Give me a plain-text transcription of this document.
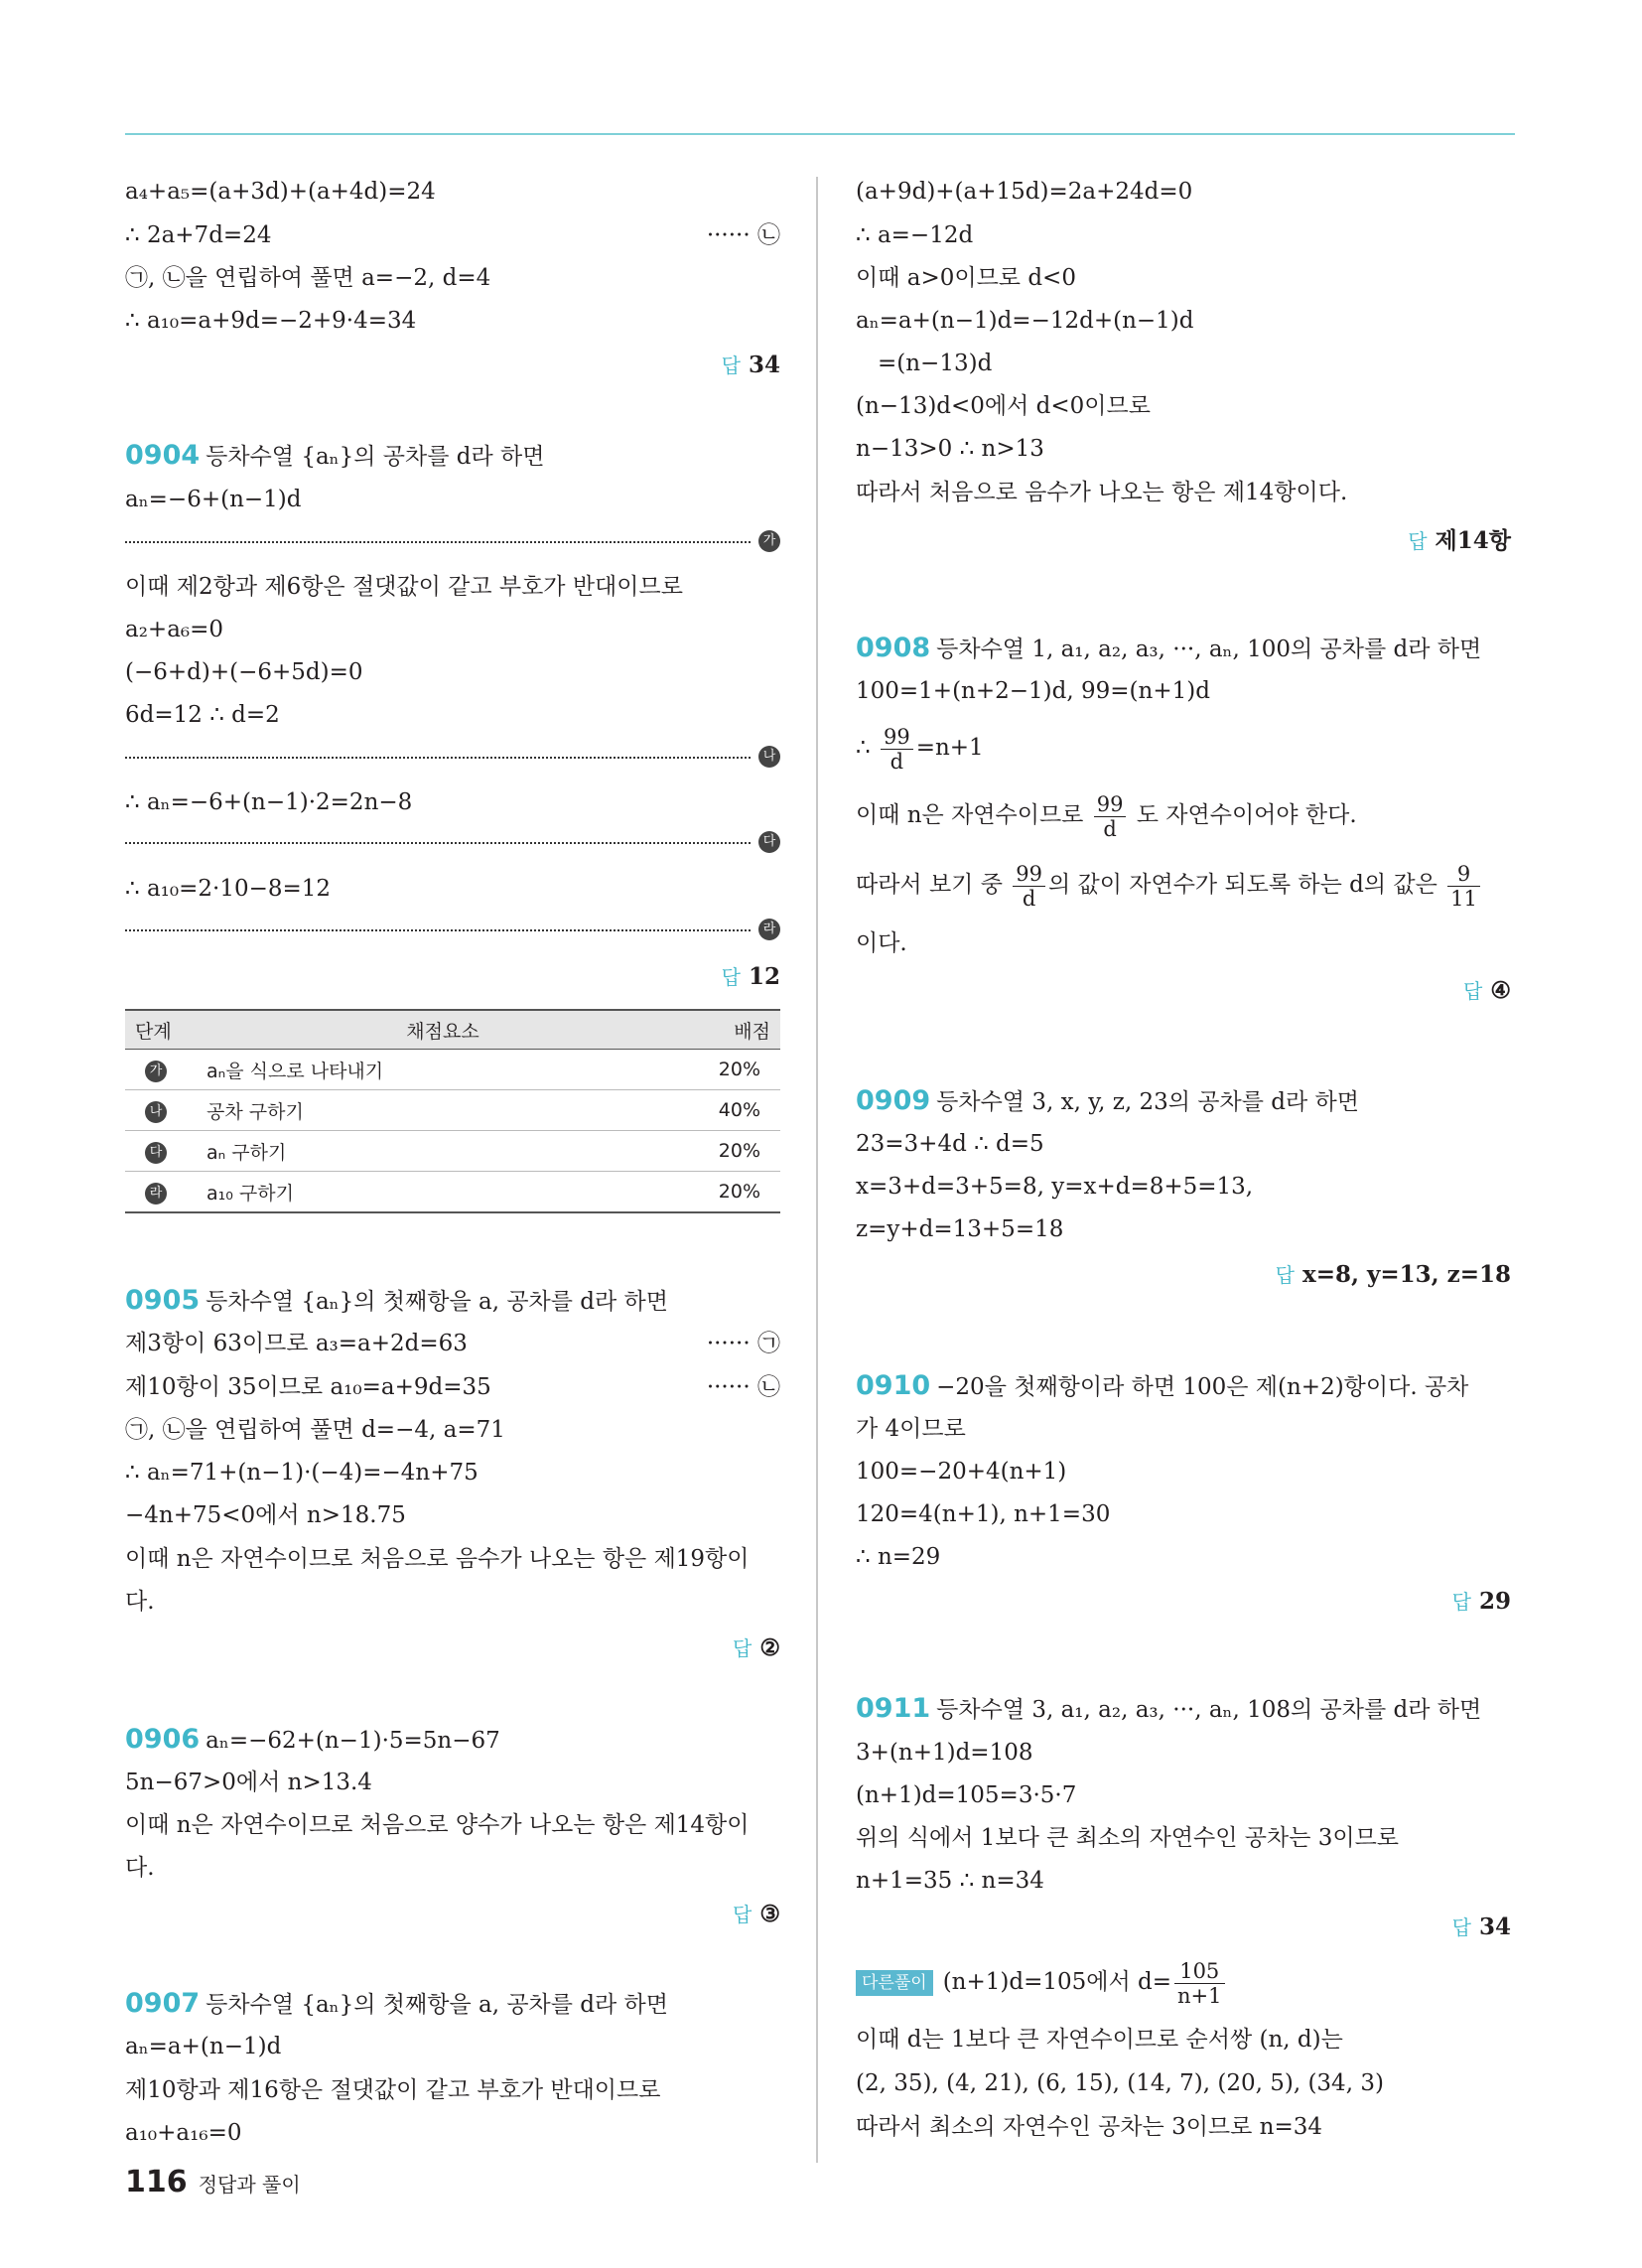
a₄+a₅=(a+3d)+(a+4d)=24
∴ 2a+7d=24	······ ㉡
㉠, ㉡을 연립하여 풀면 a=−2, d=4
∴ a₁₀=a+9d=−2+9·4=34
답 34
0904 등차수열 {aₙ}의 공차를 d라 하면
aₙ=−6+(n−1)d
가
이때 제2항과 제6항은 절댓값이 같고 부호가 반대이므로
a₂+a₆=0
(−6+d)+(−6+5d)=0
6d=12 ∴ d=2
나
∴ aₙ=−6+(n−1)·2=2n−8
다
∴ a₁₀=2·10−8=12
라
답 12
단계	채점요소	배점
가	aₙ을 식으로 나타내기	20%
나	공차 구하기	40%
다	aₙ 구하기	20%
라	a₁₀ 구하기	20%
0905 등차수열 {aₙ}의 첫째항을 a, 공차를 d라 하면
제3항이 63이므로 a₃=a+2d=63	······ ㉠
제10항이 35이므로 a₁₀=a+9d=35	······ ㉡
㉠, ㉡을 연립하여 풀면 d=−4, a=71
∴ aₙ=71+(n−1)·(−4)=−4n+75
−4n+75<0에서 n>18.75
이때 n은 자연수이므로 처음으로 음수가 나오는 항은 제19항이
다.
답 ②
0906 aₙ=−62+(n−1)·5=5n−67
5n−67>0에서 n>13.4
이때 n은 자연수이므로 처음으로 양수가 나오는 항은 제14항이
다.
답 ③
0907 등차수열 {aₙ}의 첫째항을 a, 공차를 d라 하면
aₙ=a+(n−1)d
제10항과 제16항은 절댓값이 같고 부호가 반대이므로
a₁₀+a₁₆=0
(a+9d)+(a+15d)=2a+24d=0
∴ a=−12d
이때 a>0이므로 d<0
aₙ=a+(n−1)d=−12d+(n−1)d
=(n−13)d
(n−13)d<0에서 d<0이므로
n−13>0 ∴ n>13
따라서 처음으로 음수가 나오는 항은 제14항이다.
답 제14항
0908 등차수열 1, a₁, a₂, a₃, ···, aₙ, 100의 공차를 d라 하면
100=1+(n+2−1)d, 99=(n+1)d
∴ $\frac{99}{d} =n+1$
이때 n은 자연수이므로 $\frac{99}{d}$ 도 자연수이어야 한다.
따라서 보기 중 $\frac{99}{d}$ 의 값이 자연수가 되도록 하는 d의 값은 $\frac{9}{11}$
이다.
답 ④
0909 등차수열 3, x, y, z, 23의 공차를 d라 하면
23=3+4d ∴ d=5
x=3+d=3+5=8, y=x+d=8+5=13,
z=y+d=13+5=18
답 x=8, y=13, z=18
0910 −20을 첫째항이라 하면 100은 제(n+2)항이다. 공차
가 4이므로
100=−20+4(n+1)
120=4(n+1), n+1=30
∴ n=29
답 29
0911 등차수열 3, a₁, a₂, a₃, ···, aₙ, 108의 공차를 d라 하면
3+(n+1)d=108
(n+1)d=105=3·5·7
위의 식에서 1보다 큰 최소의 자연수인 공차는 3이므로
n+1=35 ∴ n=34
답 34
다른풀이 (n+1)d=105에서 $d= \frac{105}{n+1}$
이때 d는 1보다 큰 자연수이므로 순서쌍 (n, d)는
(2, 35), (4, 21), (6, 15), (14, 7), (20, 5), (34, 3)
따라서 최소의 자연수인 공차는 3이므로 n=34
116 정답과 풀이
